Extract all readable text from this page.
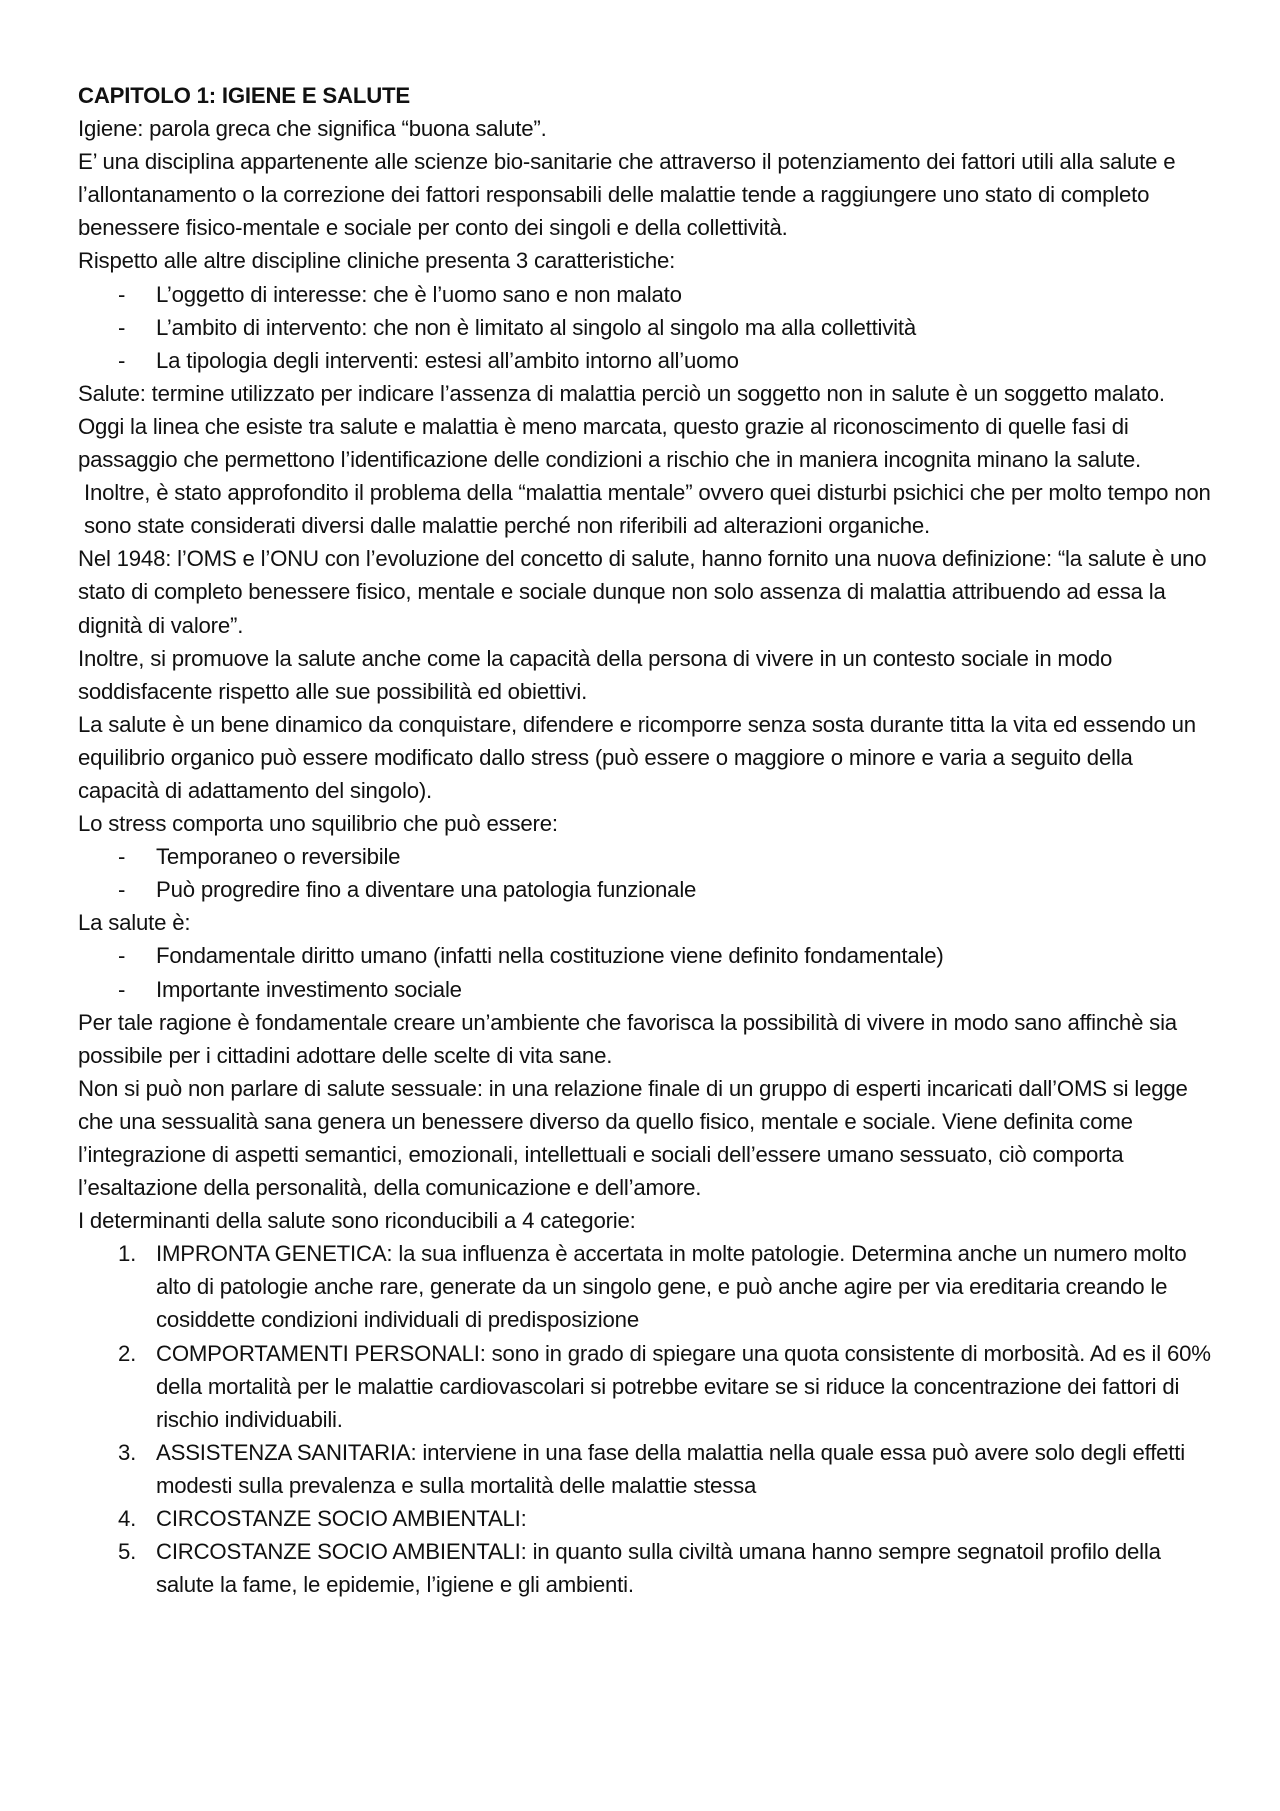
CAPITOLO 1: IGIENE E SALUTE

Igiene: parola greca che significa “buona salute”.

E’ una disciplina appartenente alle scienze bio-sanitarie che attraverso il potenziamento dei fattori utili alla salute e l’allontanamento o la correzione dei fattori responsabili delle malattie tende a raggiungere uno stato di completo benessere fisico-mentale e sociale per conto dei singoli e della collettività.

Rispetto alle altre discipline cliniche presenta 3 caratteristiche:

- L’oggetto di interesse: che è l’uomo sano e non malato
- L’ambito di intervento: che non è limitato al singolo al singolo ma alla collettività
- La tipologia degli interventi: estesi all’ambito intorno all’uomo

Salute: termine utilizzato per indicare l’assenza di malattia perciò un soggetto non in salute è un soggetto malato.

Oggi la linea che esiste tra salute e malattia è meno marcata, questo grazie al riconoscimento di quelle fasi di passaggio che permettono l’identificazione delle condizioni a rischio che in maniera incognita minano la salute.

Inoltre, è stato approfondito il problema della “malattia mentale” ovvero quei disturbi psichici che per molto tempo non sono state considerati diversi dalle malattie perché non riferibili ad alterazioni organiche.

Nel 1948: l’OMS e l’ONU con l’evoluzione del concetto di salute, hanno fornito una nuova definizione: “la salute è uno stato di completo benessere fisico, mentale e sociale dunque non solo assenza di malattia attribuendo ad essa la dignità di valore”.

Inoltre, si promuove la salute anche come la capacità della persona di vivere in un contesto sociale in modo soddisfacente rispetto alle sue possibilità ed obiettivi.

La salute è un bene dinamico da conquistare, difendere e ricomporre senza sosta durante titta la vita ed essendo un equilibrio organico può essere modificato dallo stress (può essere o maggiore o minore e varia a seguito della capacità di adattamento del singolo).

Lo stress comporta uno squilibrio che può essere:

- Temporaneo o reversibile
- Può progredire fino a diventare una patologia funzionale

La salute è:

- Fondamentale diritto umano (infatti nella costituzione viene definito fondamentale)
- Importante investimento sociale

Per tale ragione è fondamentale creare un’ambiente che favorisca la possibilità di vivere in modo sano affinchè sia possibile per i cittadini adottare delle scelte di vita sane.

Non si può non parlare di salute sessuale: in una relazione finale di un gruppo di esperti incaricati dall’OMS si legge che una sessualità sana genera un benessere diverso da quello fisico, mentale e sociale. Viene definita come l’integrazione di aspetti semantici, emozionali, intellettuali e sociali dell’essere umano sessuato, ciò comporta l’esaltazione della personalità, della comunicazione e dell’amore.

I determinanti della salute sono riconducibili a 4 categorie:

1. IMPRONTA GENETICA: la sua influenza è accertata in molte patologie. Determina anche un numero molto alto di patologie anche rare, generate da un singolo gene, e può anche agire per via ereditaria creando le cosiddette condizioni individuali di predisposizione
2. COMPORTAMENTI PERSONALI: sono in grado di spiegare una quota consistente di morbosità. Ad es il 60% della mortalità per le malattie cardiovascolari si potrebbe evitare se si riduce la concentrazione dei fattori di rischio individuabili.
3. ASSISTENZA SANITARIA: interviene in una fase della malattia nella quale essa può avere solo degli effetti modesti sulla prevalenza e sulla mortalità delle malattie stessa
4. CIRCOSTANZE SOCIO AMBIENTALI:
5. CIRCOSTANZE SOCIO AMBIENTALI: in quanto sulla civiltà umana hanno sempre segnatoil profilo della salute la fame, le epidemie, l’igiene e gli ambienti.
